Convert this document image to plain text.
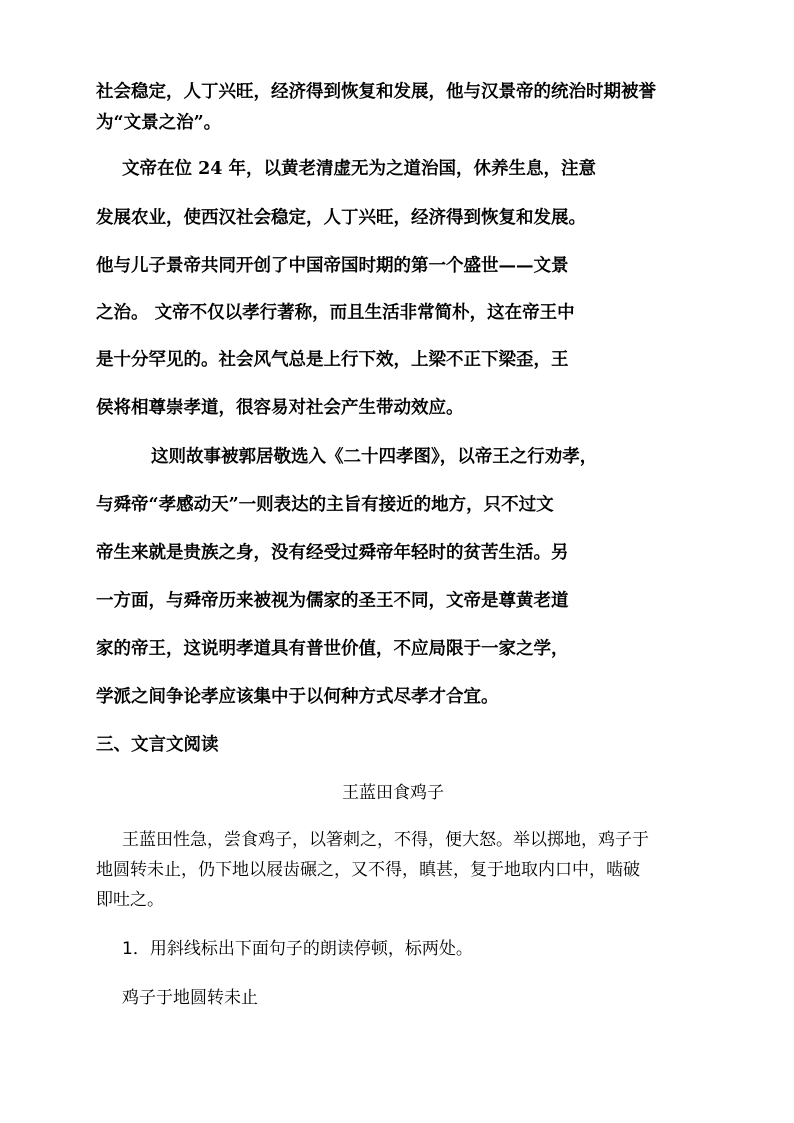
社会稳定，人丁兴旺，经济得到恢复和发展，他与汉景帝的统治时期被誉
为“文景之治”。
文帝在位 24 年，以黄老清虚无为之道治国，休养生息，注意
发展农业，使西汉社会稳定，人丁兴旺，经济得到恢复和发展。
他与儿子景帝共同开创了中国帝国时期的第一个盛世——文景
之治。 文帝不仅以孝行著称，而且生活非常简朴，这在帝王中
是十分罕见的。社会风气总是上行下效，上梁不正下梁歪，王
侯将相尊崇孝道，很容易对社会产生带动效应。
这则故事被郭居敬选入《二十四孝图》，以帝王之行劝孝，
与舜帝“孝感动天”一则表达的主旨有接近的地方，只不过文
帝生来就是贵族之身，没有经受过舜帝年轻时的贫苦生活。另
一方面，与舜帝历来被视为儒家的圣王不同，文帝是尊黄老道
家的帝王，这说明孝道具有普世价值，不应局限于一家之学，
学派之间争论孝应该集中于以何种方式尽孝才合宜。
三、文言文阅读
王蓝田食鸡子
王蓝田性急，尝食鸡子，以箸刺之，不得，便大怒。举以掷地，鸡子于
地圆转未止，仍下地以屐齿碾之，又不得，瞋甚，复于地取内口中，啮破
即吐之。
1．用斜线标出下面句子的朗读停顿，标两处。
鸡子于地圆转未止
